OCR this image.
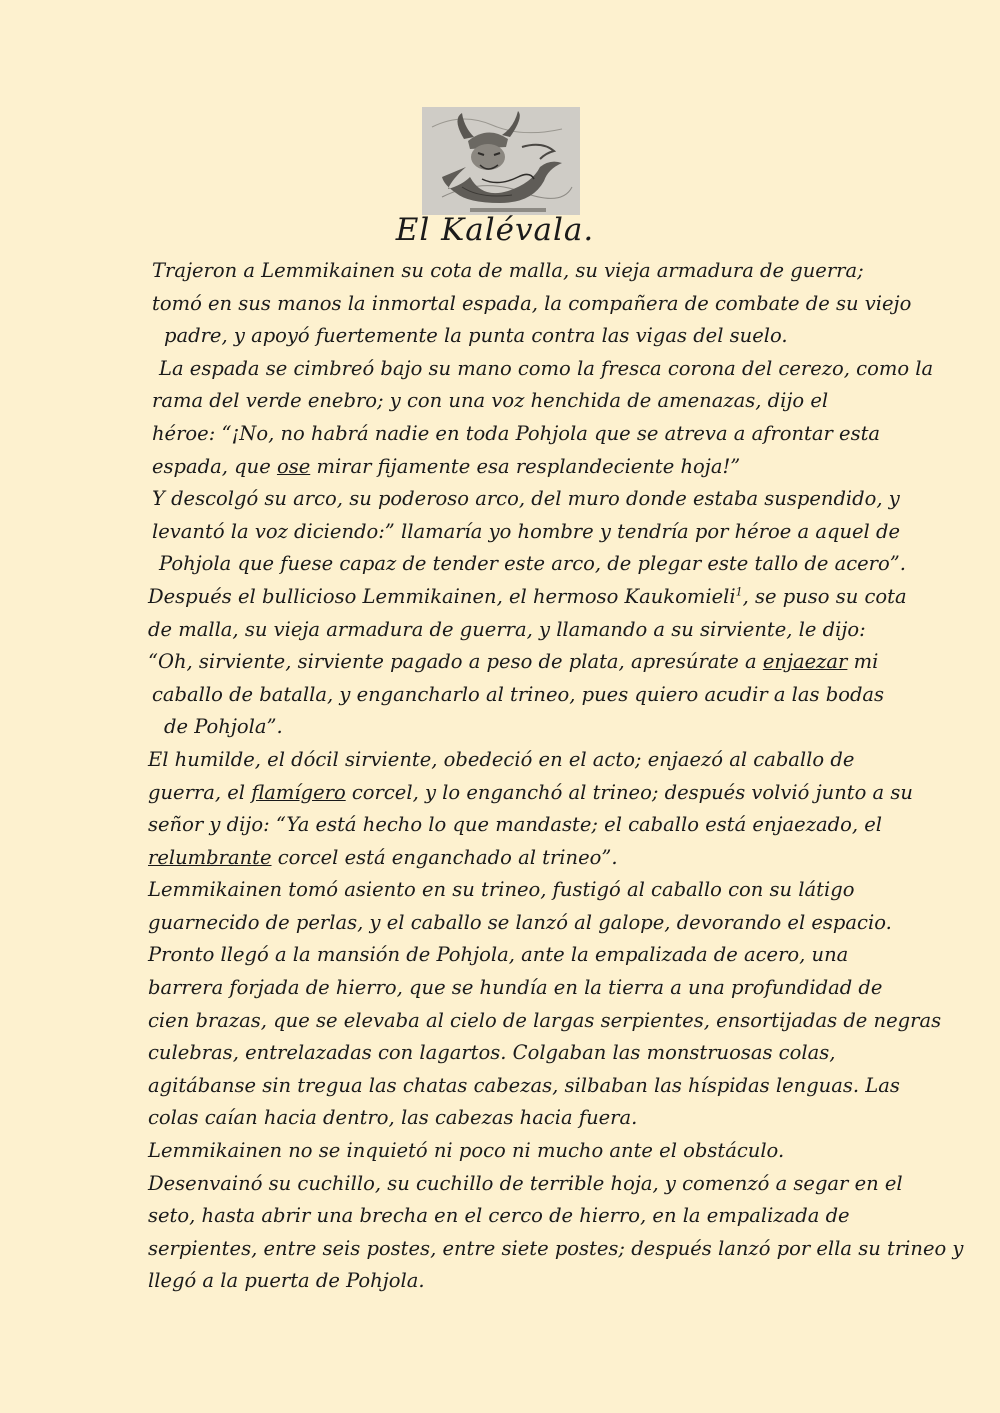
El Kalévala.
Trajeron a Lemmikainen su cota de malla, su vieja armadura de guerra;
tomó en sus manos la inmortal espada, la compañera de combate de su viejo
padre, y apoyó fuertemente la punta contra las vigas del suelo.
La espada se cimbreó bajo su mano como la fresca corona del cerezo, como la
rama del verde enebro; y con una voz henchida de amenazas, dijo el
héroe: “¡No, no habrá nadie en toda Pohjola que se atreva a afrontar esta
espada, que ose mirar fijamente esa resplandeciente hoja!”
Y descolgó su arco, su poderoso arco, del muro donde estaba suspendido, y
levantó la voz diciendo:” llamaría yo hombre y tendría por héroe a aquel de
Pohjola que fuese capaz de tender este arco, de plegar este tallo de acero”.
Después el bullicioso Lemmikainen, el hermoso Kaukomieli$^1$, se puso su cota
de malla, su vieja armadura de guerra, y llamando a su sirviente, le dijo:
“Oh, sirviente, sirviente pagado a peso de plata, apresúrate a enjaezar mi
caballo de batalla, y engancharlo al trineo, pues quiero acudir a las bodas
de Pohjola”.
El humilde, el dócil sirviente, obedeció en el acto; enjaezó al caballo de
guerra, el flamígero corcel, y lo enganchó al trineo; después volvió junto a su
señor y dijo: “Ya está hecho lo que mandaste; el caballo está enjaezado, el
relumbrante corcel está enganchado al trineo”.
Lemmikainen tomó asiento en su trineo, fustigó al caballo con su látigo
guarnecido de perlas, y el caballo se lanzó al galope, devorando el espacio.
Pronto llegó a la mansión de Pohjola, ante la empalizada de acero, una
barrera forjada de hierro, que se hundía en la tierra a una profundidad de
cien brazas, que se elevaba al cielo de largas serpientes, ensortijadas de negras
culebras, entrelazadas con lagartos. Colgaban las monstruosas colas,
agitábanse sin tregua las chatas cabezas, silbaban las híspidas lenguas. Las
colas caían hacia dentro, las cabezas hacia fuera.
Lemmikainen no se inquietó ni poco ni mucho ante el obstáculo.
Desenvainó su cuchillo, su cuchillo de terrible hoja, y comenzó a segar en el
seto, hasta abrir una brecha en el cerco de hierro, en la empalizada de
serpientes, entre seis postes, entre siete postes; después lanzó por ella su trineo y
llegó a la puerta de Pohjola.
